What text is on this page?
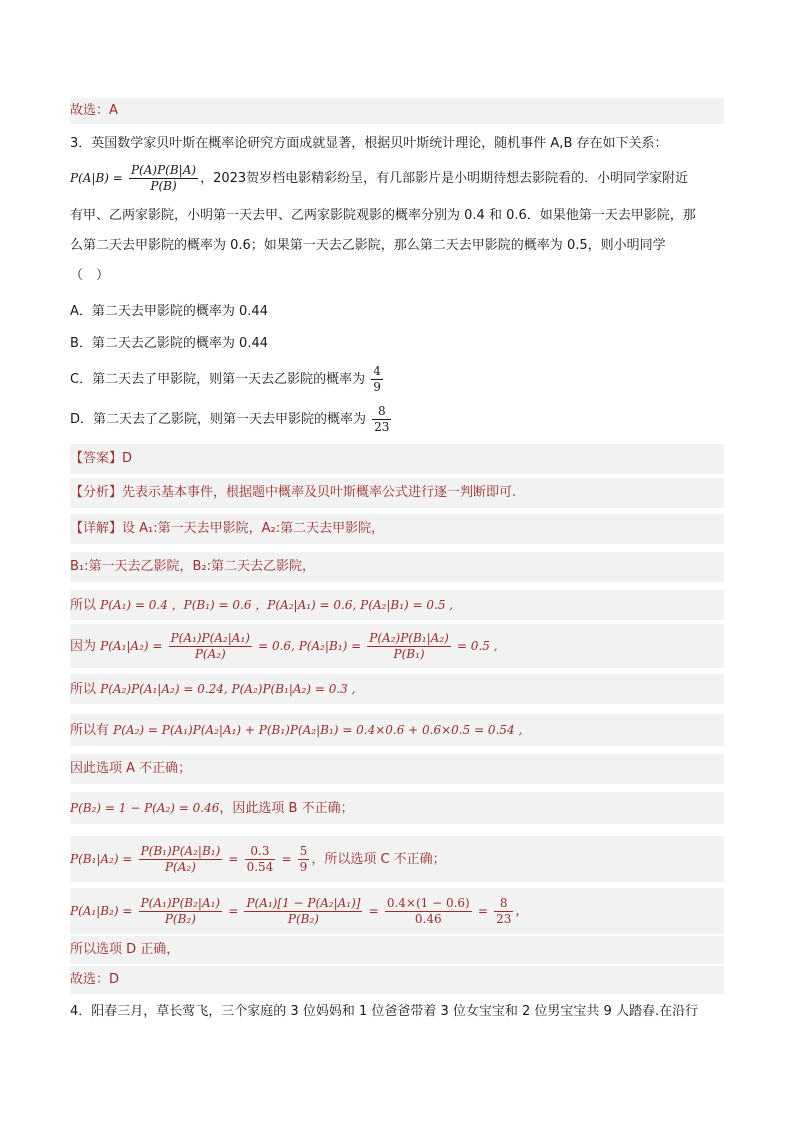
故选：A
3．英国数学家贝叶斯在概率论研究方面成就显著，根据贝叶斯统计理论，随机事件 A,B 存在如下关系：
$P(A|B) = \frac{P(A)P(B|A)}{P(B)}$ ，2023贺岁档电影精彩纷呈，有几部影片是小明期待想去影院看的．小明同学家附近
有甲、乙两家影院，小明第一天去甲、乙两家影院观影的概率分别为 0.4 和 0.6．如果他第一天去甲影院，那
么第二天去甲影院的概率为 0.6；如果第一天去乙影院，那么第二天去甲影院的概率为 0.5，则小明同学
（　）
A．第二天去甲影院的概率为 0.44
B．第二天去乙影院的概率为 0.44
C．第二天去了甲影院，则第一天去乙影院的概率为 $\frac{4}{9}$
D．第二天去了乙影院，则第一天去甲影院的概率为 $\frac{8}{23}$
【答案】D
【分析】先表示基本事件，根据题中概率及贝叶斯概率公式进行逐一判断即可.
【详解】设 A₁:第一天去甲影院，A₂:第二天去甲影院，
B₁:第一天去乙影院，B₂:第二天去乙影院，
所以 P(A₁) = 0.4 ，P(B₁) = 0.6 ，P(A₂|A₁) = 0.6, P(A₂|B₁) = 0.5 ,
因为 $P(A_1|A_2) = \frac{\text{P(A₁)P(A₂|A₁)}}{\text{P(A₂)}} = 0.6$, $P(A_2|B_1) = \frac{\text{P(A₂)P(B₁|A₂)}}{\text{P(B₁)}} = 0.5$ ,
所以 P(A₂)P(A₁|A₂) = 0.24, P(A₂)P(B₁|A₂) = 0.3 ,
所以有 P(A₂) = P(A₁)P(A₂|A₁) + P(B₁)P(A₂|B₁) = 0.4×0.6 + 0.6×0.5 = 0.54 ,
因此选项 A 不正确；
P(B₂) = 1 − P(A₂) = 0.46，因此选项 B 不正确；
$P(B_1|A_2) = \frac{\text{P(B₁)P(A₂|B₁)}}{\text{P(A₂)}} = \frac{0.3}{0.54} = \frac{5}{9}$ ，所以选项 C 不正确；
$P(A_1|B_2) = \frac{\text{P(A₁)P(B₂|A₁)}}{\text{P(B₂)}} = \frac{\text{P(A₁)[1 − P(A₂|A₁)]}}{\text{P(B₂)}} = \frac{0.4\times(1 - 0.6)}{0.46} = \frac{8}{23}$ ,
所以选项 D 正确，
故选：D
4．阳春三月，草长莺飞，三个家庭的 3 位妈妈和 1 位爸爸带着 3 位女宝宝和 2 位男宝宝共 9 人踏春.在沿行
